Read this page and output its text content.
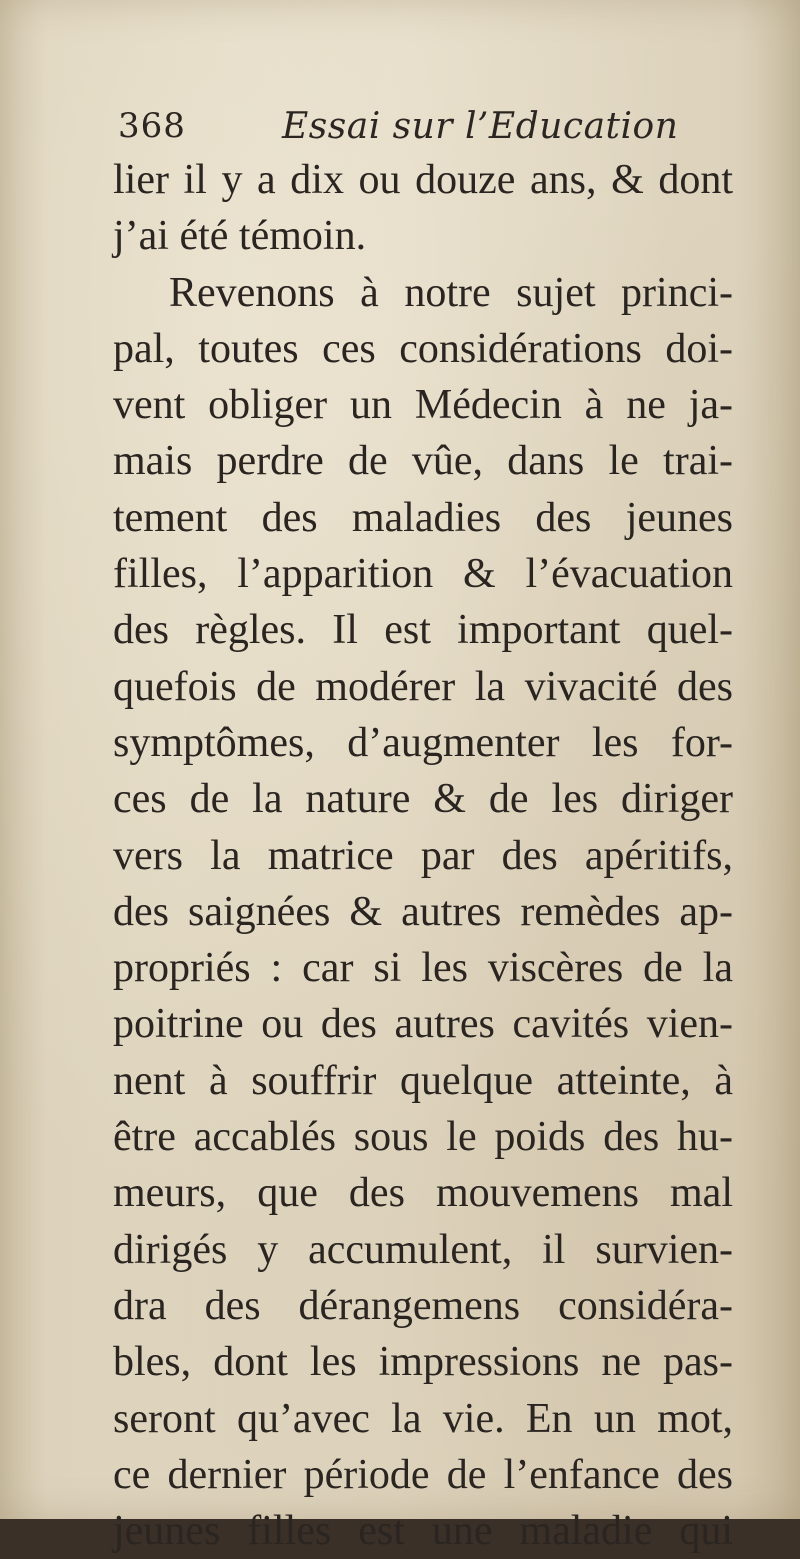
368	Essai sur l’Education
lier il y a dix ou douze ans, & dont
j’ai été témoin.
Revenons à notre sujet princi-
pal, toutes ces considérations doi-
vent obliger un Médecin à ne ja-
mais perdre de vûe, dans le trai-
tement des maladies des jeunes
filles, l’apparition & l’évacuation
des règles. Il est important quel-
quefois de modérer la vivacité des
symptômes, d’augmenter les for-
ces de la nature & de les diriger
vers la matrice par des apéritifs,
des saignées & autres remèdes ap-
propriés : car si les viscères de la
poitrine ou des autres cavités vien-
nent à souffrir quelque atteinte, à
être accablés sous le poids des hu-
meurs, que des mouvemens mal
dirigés y accumulent, il survien-
dra des dérangemens considéra-
bles, dont les impressions ne pas-
seront qu’avec la vie. En un mot,
ce dernier période de l’enfance des
jeunes filles est une maladie qui
